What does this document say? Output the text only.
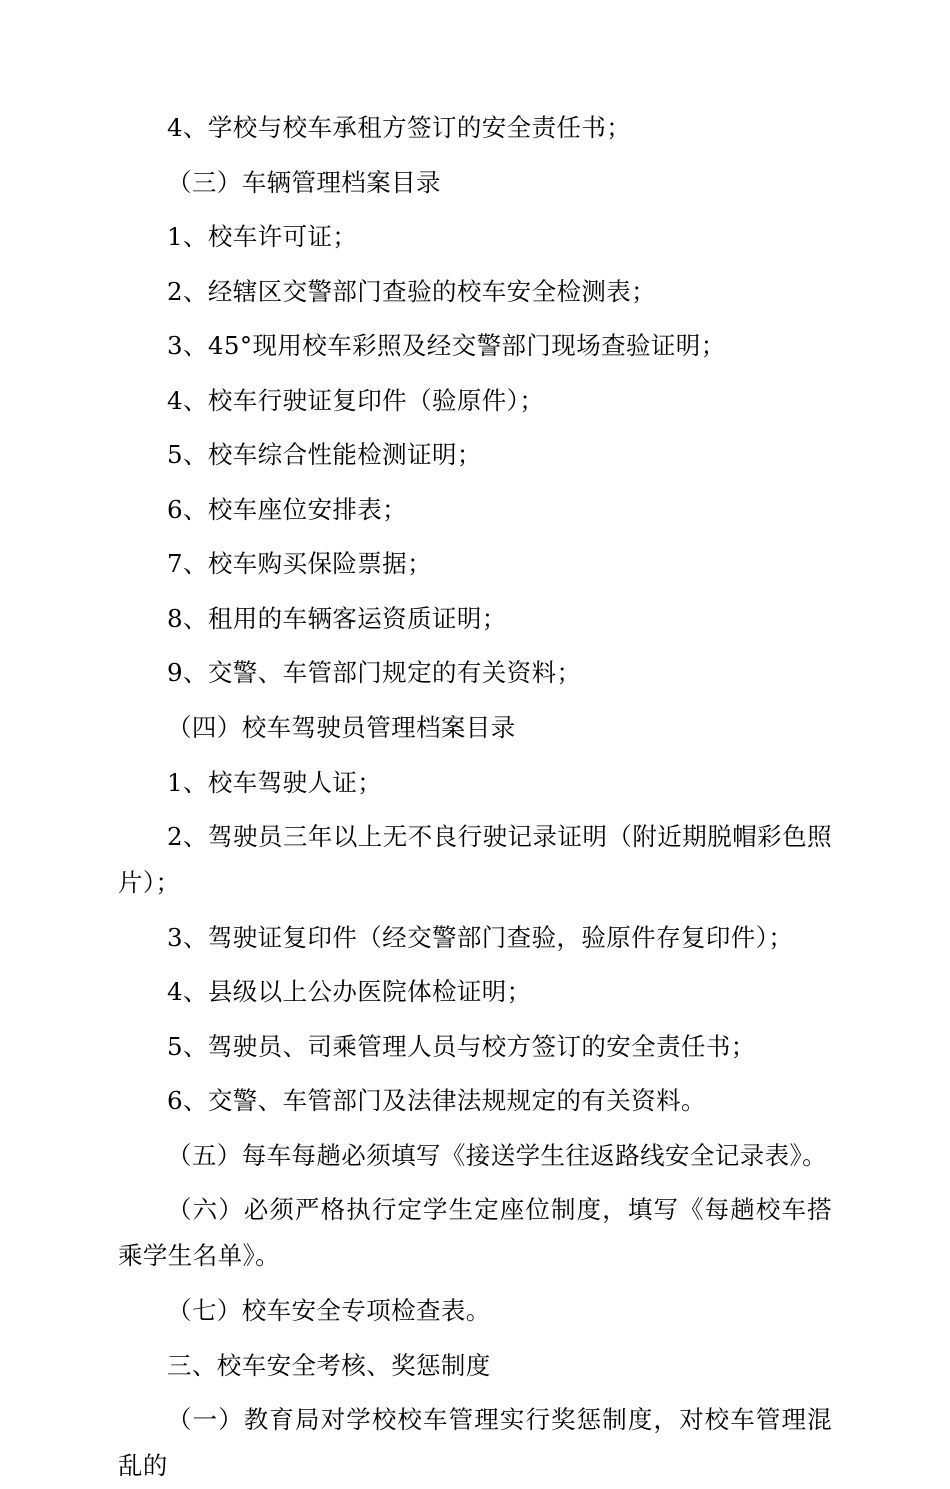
4、学校与校车承租方签订的安全责任书；

（三）车辆管理档案目录

1、校车许可证；

2、经辖区交警部门查验的校车安全检测表；

3、45°现用校车彩照及经交警部门现场查验证明；

4、校车行驶证复印件（验原件）；

5、校车综合性能检测证明；

6、校车座位安排表；

7、校车购买保险票据；

8、租用的车辆客运资质证明；

9、交警、车管部门规定的有关资料；

（四）校车驾驶员管理档案目录

1、校车驾驶人证；

2、驾驶员三年以上无不良行驶记录证明（附近期脱帽彩色照片）；

3、驾驶证复印件（经交警部门查验，验原件存复印件）；

4、县级以上公办医院体检证明；

5、驾驶员、司乘管理人员与校方签订的安全责任书；

6、交警、车管部门及法律法规规定的有关资料。

（五）每车每趟必须填写《接送学生往返路线安全记录表》。

（六）必须严格执行定学生定座位制度，填写《每趟校车搭乘学生名单》。

（七）校车安全专项检查表。

三、校车安全考核、奖惩制度

（一）教育局对学校校车管理实行奖惩制度，对校车管理混乱的
